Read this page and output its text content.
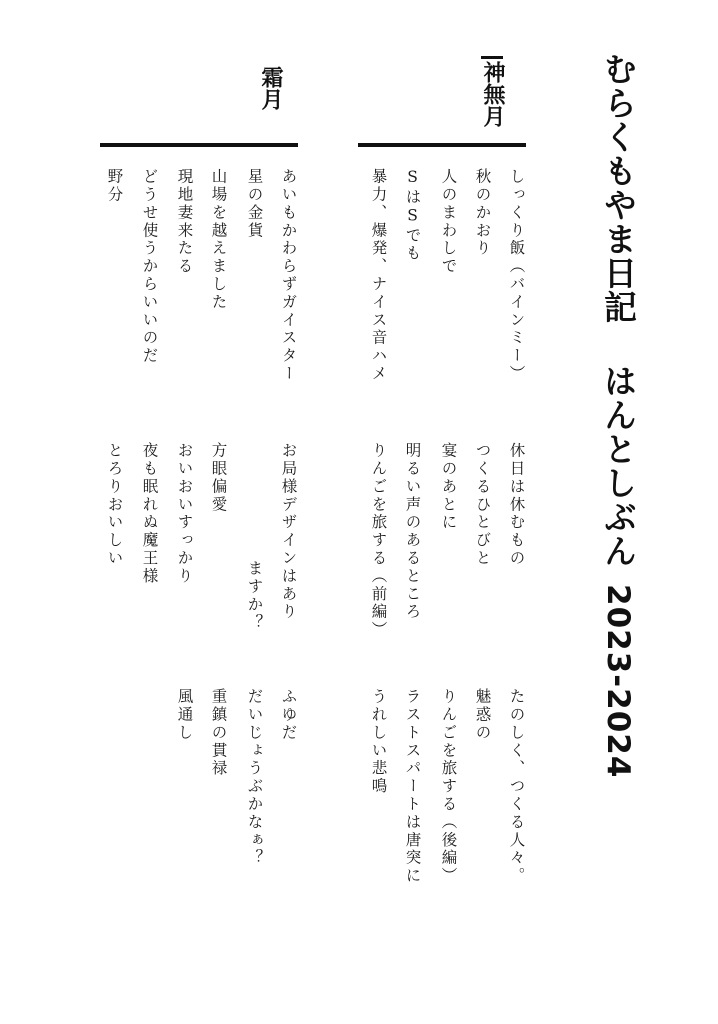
むらくもやま日記 はんとしぶん2023-2024
神無月
霜月
しっくり飯（バインミー）
秋のかおり
人のまわしで
SはSでも
暴力、爆発、ナイス音ハメ
休日は休むもの
つくるひとびと
宴のあとに
明るい声のあるところ
りんごを旅する（前編）
たのしく、つくる人々。
魅惑の
りんごを旅する（後編）
ラストスパートは唐突に
うれしい悲鳴
あいもかわらずガイスター
星の金貨
山場を越えました
現地妻来たる
どうせ使うからいいのだ
野分
お局様デザインはあり
ますか？
方眼偏愛
おいおいすっかり
夜も眠れぬ魔王様
とろりおいしい
ふゆだ
だいじょうぶかなぁ？
重鎮の貫禄
風通し
